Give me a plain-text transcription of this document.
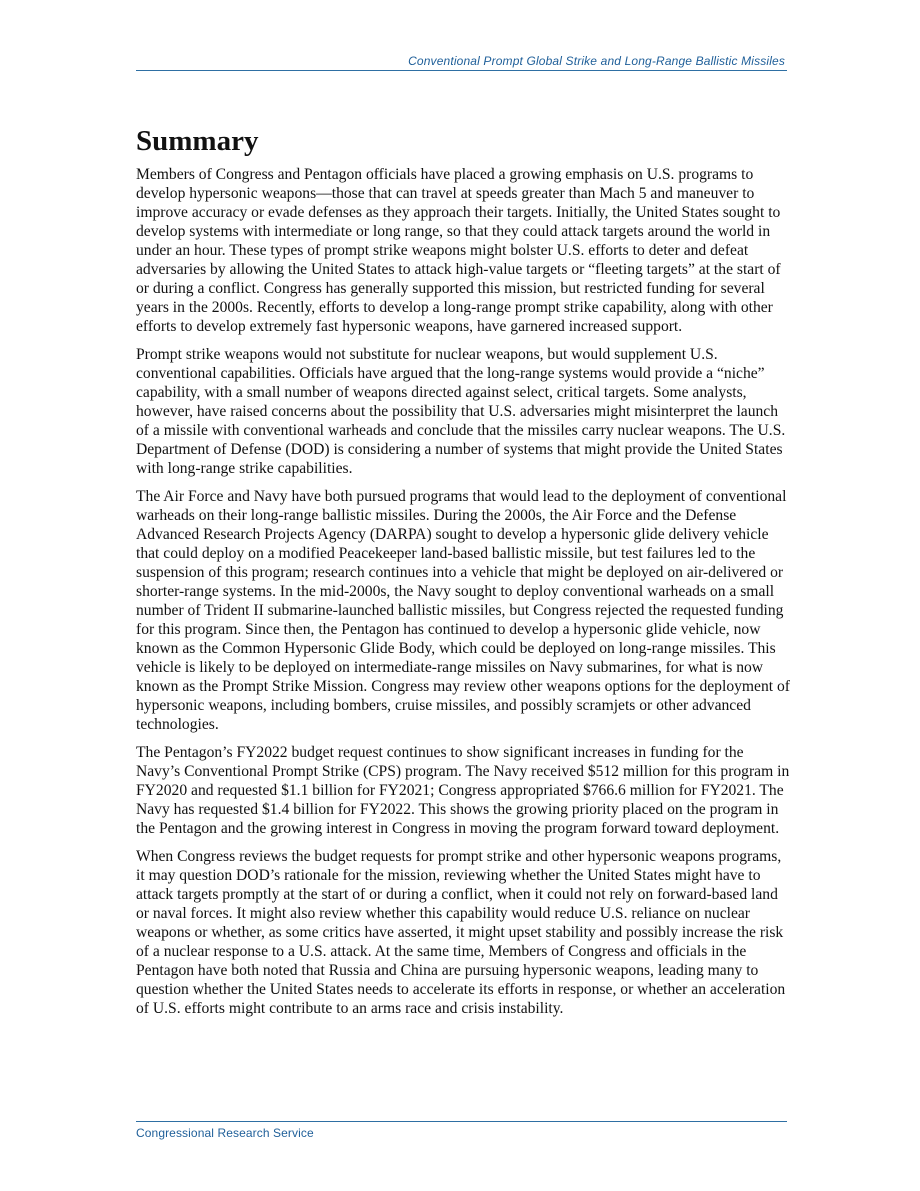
Conventional Prompt Global Strike and Long-Range Ballistic Missiles
Summary

Members of Congress and Pentagon officials have placed a growing emphasis on U.S. programs to develop hypersonic weapons—those that can travel at speeds greater than Mach 5 and maneuver to improve accuracy or evade defenses as they approach their targets. Initially, the United States sought to develop systems with intermediate or long range, so that they could attack targets around the world in under an hour. These types of prompt strike weapons might bolster U.S. efforts to deter and defeat adversaries by allowing the United States to attack high-value targets or “fleeting targets” at the start of or during a conflict. Congress has generally supported this mission, but restricted funding for several years in the 2000s. Recently, efforts to develop a long-range prompt strike capability, along with other efforts to develop extremely fast hypersonic weapons, have garnered increased support.

Prompt strike weapons would not substitute for nuclear weapons, but would supplement U.S. conventional capabilities. Officials have argued that the long-range systems would provide a “niche” capability, with a small number of weapons directed against select, critical targets. Some analysts, however, have raised concerns about the possibility that U.S. adversaries might misinterpret the launch of a missile with conventional warheads and conclude that the missiles carry nuclear weapons. The U.S. Department of Defense (DOD) is considering a number of systems that might provide the United States with long-range strike capabilities.

The Air Force and Navy have both pursued programs that would lead to the deployment of conventional warheads on their long-range ballistic missiles. During the 2000s, the Air Force and the Defense Advanced Research Projects Agency (DARPA) sought to develop a hypersonic glide delivery vehicle that could deploy on a modified Peacekeeper land-based ballistic missile, but test failures led to the suspension of this program; research continues into a vehicle that might be deployed on air-delivered or shorter-range systems. In the mid-2000s, the Navy sought to deploy conventional warheads on a small number of Trident II submarine-launched ballistic missiles, but Congress rejected the requested funding for this program. Since then, the Pentagon has continued to develop a hypersonic glide vehicle, now known as the Common Hypersonic Glide Body, which could be deployed on long-range missiles. This vehicle is likely to be deployed on intermediate-range missiles on Navy submarines, for what is now known as the Prompt Strike Mission. Congress may review other weapons options for the deployment of hypersonic weapons, including bombers, cruise missiles, and possibly scramjets or other advanced technologies.

The Pentagon’s FY2022 budget request continues to show significant increases in funding for the Navy’s Conventional Prompt Strike (CPS) program. The Navy received $512 million for this program in FY2020 and requested $1.1 billion for FY2021; Congress appropriated $766.6 million for FY2021. The Navy has requested $1.4 billion for FY2022. This shows the growing priority placed on the program in the Pentagon and the growing interest in Congress in moving the program forward toward deployment.

When Congress reviews the budget requests for prompt strike and other hypersonic weapons programs, it may question DOD’s rationale for the mission, reviewing whether the United States might have to attack targets promptly at the start of or during a conflict, when it could not rely on forward-based land or naval forces. It might also review whether this capability would reduce U.S. reliance on nuclear weapons or whether, as some critics have asserted, it might upset stability and possibly increase the risk of a nuclear response to a U.S. attack. At the same time, Members of Congress and officials in the Pentagon have both noted that Russia and China are pursuing hypersonic weapons, leading many to question whether the United States needs to accelerate its efforts in response, or whether an acceleration of U.S. efforts might contribute to an arms race and crisis instability.

Congressional Research Service
